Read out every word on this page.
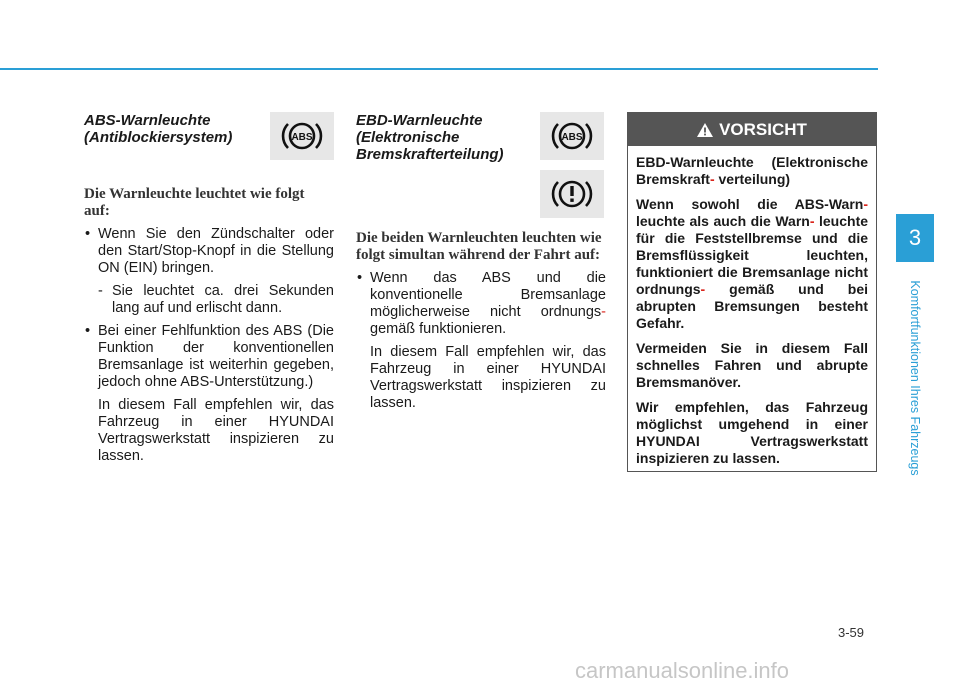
ABS-Warnleuchte
(Antiblockiersystem)	ABS

Die Warnleuchte leuchtet wie folgt auf:

• Wenn Sie den Zündschalter oder den Start/Stop-Knopf in die Stellung ON (EIN) bringen.
- Sie leuchtet ca. drei Sekunden lang auf und erlischt dann.
• Bei einer Fehlfunktion des ABS (Die Funktion der konventionellen Bremsanlage ist weiterhin gegeben, jedoch ohne ABS-Unterstützung.)
In diesem Fall empfehlen wir, das Fahrzeug in einer HYUNDAI Vertragswerkstatt inspizieren zu lassen.

EBD-Warnleuchte
(Elektronische
Bremskrafterteilung)

ABS

Die beiden Warnleuchten leuchten wie folgt simultan während der Fahrt auf:

• Wenn das ABS und die konventionelle Bremsanlage möglicherweise nicht ordnungs- gemäß funktionieren.
In diesem Fall empfehlen wir, das Fahrzeug in einer HYUNDAI Vertragswerkstatt inspizieren zu lassen.
VORSICHT

EBD-Warnleuchte (Elektronische Bremskraft- verteilung)

Wenn sowohl die ABS-Warn- leuchte als auch die Warn- leuchte für die Feststellbremse und die Bremsflüssigkeit leuchten, funktioniert die Bremsanlage nicht ordnungs- gemäß und bei abrupten Bremsungen besteht Gefahr.

Vermeiden Sie in diesem Fall schnelles Fahren und abrupte Bremsmanöver.

Wir empfehlen, das Fahrzeug möglichst umgehend in einer HYUNDAI Vertragswerkstatt inspizieren zu lassen.

3
Komfortfunktionen Ihres Fahrzeugs
3-59
carmanualsonline.info
